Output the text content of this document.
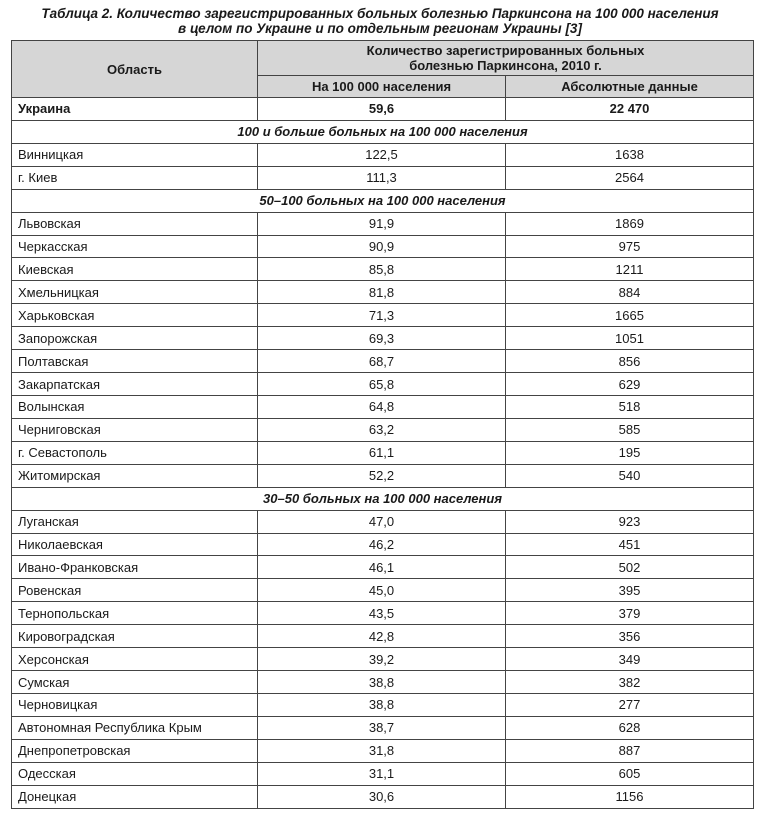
Таблица 2. Количество зарегистрированных больных болезнью Паркинсона на 100 000 населения
в целом по Украине и по отдельным регионам Украины [3]
Область	Количество зарегистрированных больных
болезнью Паркинсона, 2010 г.	

	На 100 000 населения	Абсолютные данные
Украина	59,6	22 470
100 и больше больных на 100 000 населения		
Винницкая	122,5	1638
г. Киев	111,3	2564
50–100 больных на 100 000 населения		
Львовская	91,9	1869
Черкасская	90,9	975
Киевская	85,8	1211
Хмельницкая	81,8	884
Харьковская	71,3	1665
Запорожская	69,3	1051
Полтавская	68,7	856
Закарпатская	65,8	629
Волынская	64,8	518
Черниговская	63,2	585
г. Севастополь	61,1	195
Житомирская	52,2	540
30–50 больных на 100 000 населения		
Луганская	47,0	923
Николаевская	46,2	451
Ивано-Франковская	46,1	502
Ровенская	45,0	395
Тернопольская	43,5	379
Кировоградская	42,8	356
Херсонская	39,2	349
Сумская	38,8	382
Черновицкая	38,8	277
Автономная Республика Крым	38,7	628
Днепропетровская	31,8	887
Одесская	31,1	605
Донецкая	30,6	1156
